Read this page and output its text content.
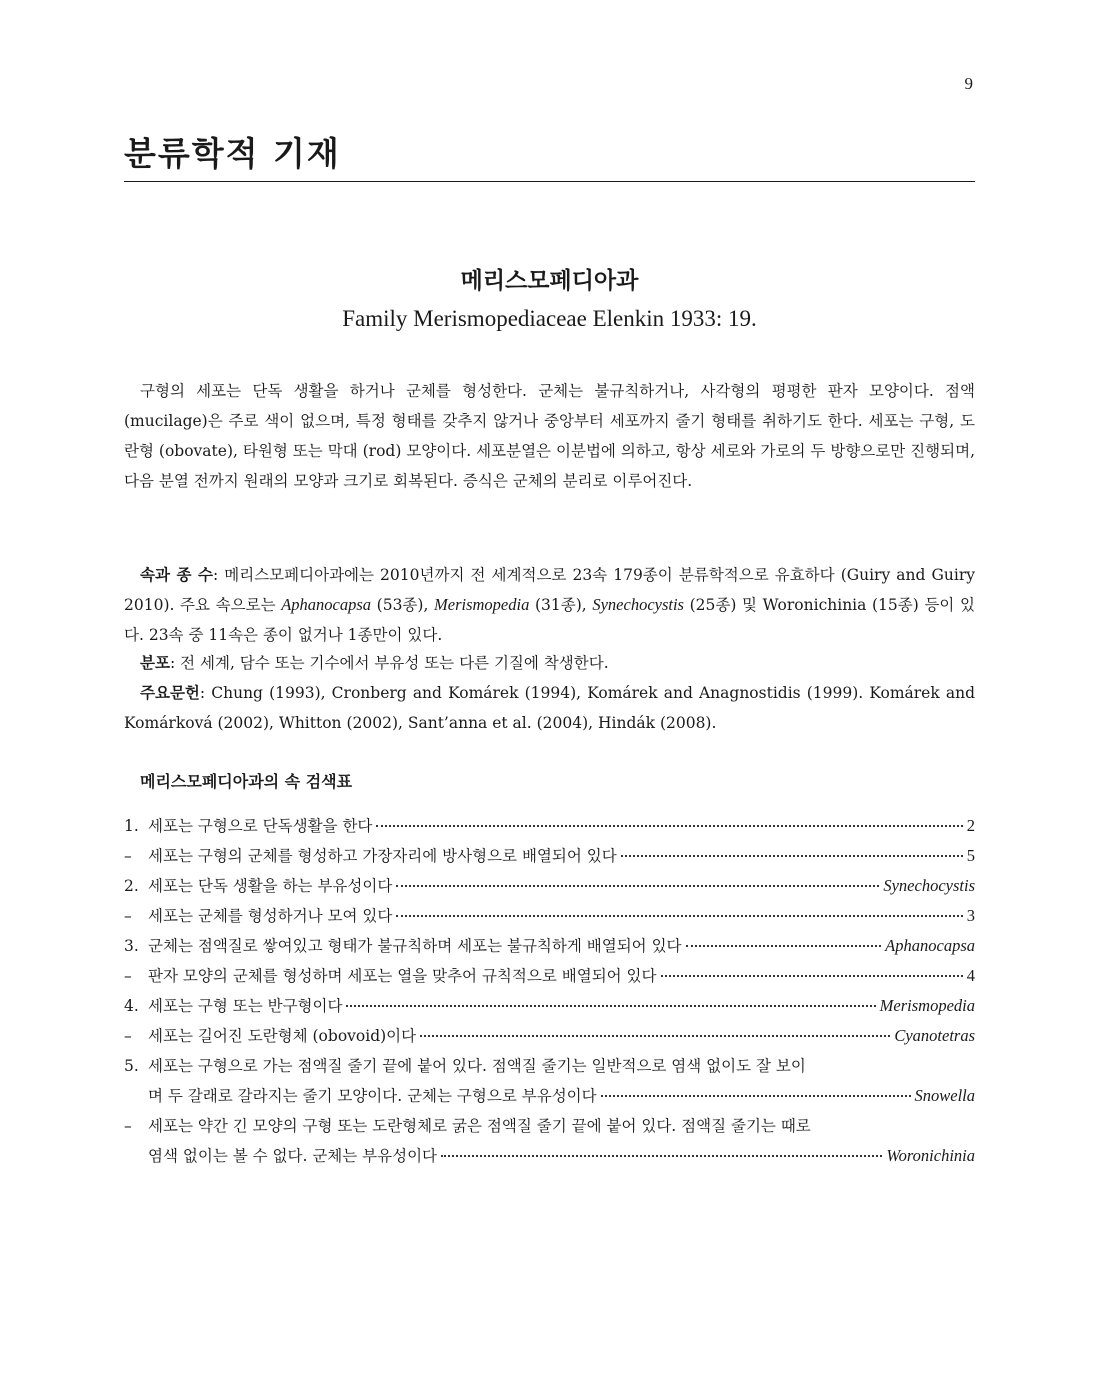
9
분류학적 기재
메리스모페디아과
Family Merismopediaceae Elenkin 1933: 19.

구형의 세포는 단독 생활을 하거나 군체를 형성한다. 군체는 불규칙하거나, 사각형의 평평한 판자 모양이다. 점액 (mucilage)은 주로 색이 없으며, 특정 형태를 갖추지 않거나 중앙부터 세포까지 줄기 형태를 취하기도 한다. 세포는 구형, 도란형 (obovate), 타원형 또는 막대 (rod) 모양이다. 세포분열은 이분법에 의하고, 항상 세로와 가로의 두 방향으로만 진행되며, 다음 분열 전까지 원래의 모양과 크기로 회복된다. 증식은 군체의 분리로 이루어진다.

속과 종 수: 메리스모페디아과에는 2010년까지 전 세계적으로 23속 179종이 분류학적으로 유효하다 (Guiry and Guiry 2010). 주요 속으로는 Aphanocapsa (53종), Merismopedia (31종), Synechocystis (25종) 및 Woronichinia (15종) 등이 있다. 23속 중 11속은 종이 없거나 1종만이 있다.

분포: 전 세계, 담수 또는 기수에서 부유성 또는 다른 기질에 착생한다.

주요문헌: Chung (1993), Cronberg and Komárek (1994), Komárek and Anagnostidis (1999). Komárek and Komárková (2002), Whitton (2002), Sant’anna et al. (2004), Hindák (2008).

메리스모페디아과의 속 검색표
1. 세포는 구형으로 단독생활을 한다	2
–	세포는 구형의 군체를 형성하고 가장자리에 방사형으로 배열되어 있다	5
2. 세포는 단독 생활을 하는 부유성이다	Synechocystis
–	세포는 군체를 형성하거나 모여 있다	3
3. 군체는 점액질로 쌓여있고 형태가 불규칙하며 세포는 불규칙하게 배열되어 있다	Aphanocapsa
–	판자 모양의 군체를 형성하며 세포는 열을 맞추어 규칙적으로 배열되어 있다	4
4. 세포는 구형 또는 반구형이다	Merismopedia
–	세포는 길어진 도란형체 (obovoid)이다	Cyanotetras
5. 세포는 구형으로 가는 점액질 줄기 끝에 붙어 있다. 점액질 줄기는 일반적으로 염색 없이도 잘 보이
며 두 갈래로 갈라지는 줄기 모양이다. 군체는 구형으로 부유성이다	Snowella
–	세포는 약간 긴 모양의 구형 또는 도란형체로 굵은 점액질 줄기 끝에 붙어 있다. 점액질 줄기는 때로
염색 없이는 볼 수 없다. 군체는 부유성이다	Woronichinia
